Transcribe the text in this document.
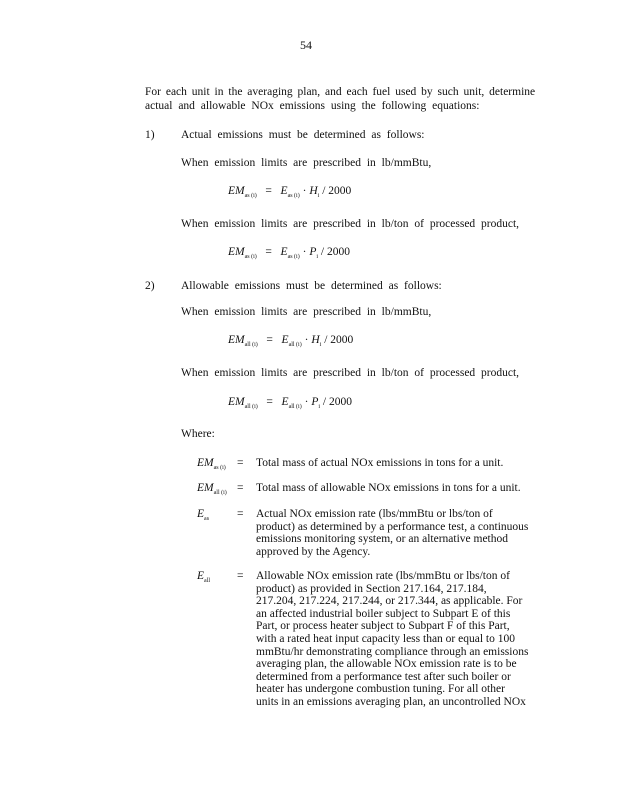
54
For each unit in the averaging plan, and each fuel used by such unit, determine
actual and allowable NOx emissions using the following equations:
1) Actual emissions must be determined as follows:
When emission limits are prescribed in lb/mmBtu,
$EM_{as (i)} = E_{as (i)} \cdot H_i / 2000$
When emission limits are prescribed in lb/ton of processed product,
$EM_{as (i)} = E_{as (i)} \cdot P_i / 2000$
2) Allowable emissions must be determined as follows:
When emission limits are prescribed in lb/mmBtu,
$EM_{all (i)} = E_{all (i)} \cdot H_i / 2000$
When emission limits are prescribed in lb/ton of processed product,
$EM_{all (i)} = E_{all (i)} \cdot P_i / 2000$
Where:
$EM_{as (i)}$ = Total mass of actual NOx emissions in tons for a unit.
$EM_{all (i)}$ = Total mass of allowable NOx emissions in tons for a unit.
$E_{as}$ = Actual NOx emission rate (lbs/mmBtu or lbs/ton of
product) as determined by a performance test, a continuous
emissions monitoring system, or an alternative method
approved by the Agency.
$E_{all}$ = Allowable NOx emission rate (lbs/mmBtu or lbs/ton of
product) as provided in Section 217.164, 217.184,
217.204, 217.224, 217.244, or 217.344, as applicable. For
an affected industrial boiler subject to Subpart E of this
Part, or process heater subject to Subpart F of this Part,
with a rated heat input capacity less than or equal to 100
mmBtu/hr demonstrating compliance through an emissions
averaging plan, the allowable NOx emission rate is to be
determined from a performance test after such boiler or
heater has undergone combustion tuning. For all other
units in an emissions averaging plan, an uncontrolled NOx
